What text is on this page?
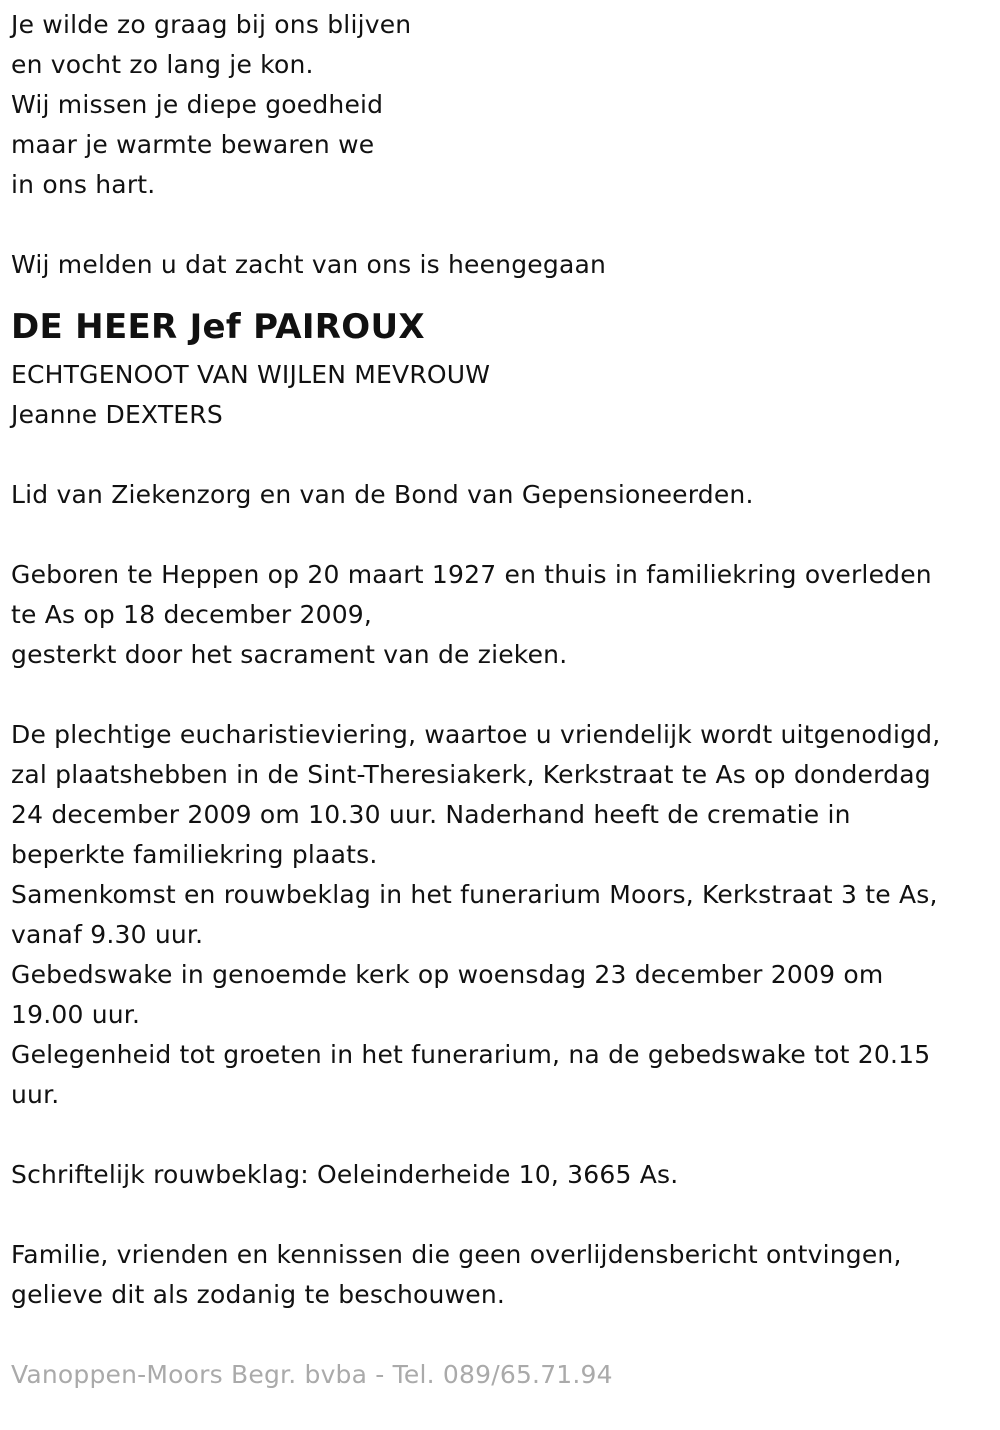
Je wilde zo graag bij ons blijven
en vocht zo lang je kon.
Wij missen je diepe goedheid
maar je warmte bewaren we
in ons hart.
Wij melden u dat zacht van ons is heengegaan
DE HEER Jef PAIROUX
ECHTGENOOT VAN WIJLEN MEVROUW
Jeanne DEXTERS
Lid van Ziekenzorg en van de Bond van Gepensioneerden.
Geboren te Heppen op 20 maart 1927 en thuis in familiekring overleden
te As op 18 december 2009,
gesterkt door het sacrament van de zieken.
De plechtige eucharistieviering, waartoe u vriendelijk wordt uitgenodigd,
zal plaatshebben in de Sint-Theresiakerk, Kerkstraat te As op donderdag
24 december 2009 om 10.30 uur. Naderhand heeft de crematie in
beperkte familiekring plaats.
Samenkomst en rouwbeklag in het funerarium Moors, Kerkstraat 3 te As,
vanaf 9.30 uur.
Gebedswake in genoemde kerk op woensdag 23 december 2009 om
19.00 uur.
Gelegenheid tot groeten in het funerarium, na de gebedswake tot 20.15
uur.
Schriftelijk rouwbeklag: Oeleinderheide 10, 3665 As.
Familie, vrienden en kennissen die geen overlijdensbericht ontvingen,
gelieve dit als zodanig te beschouwen.
Vanoppen-Moors Begr. bvba - Tel. 089/65.71.94
